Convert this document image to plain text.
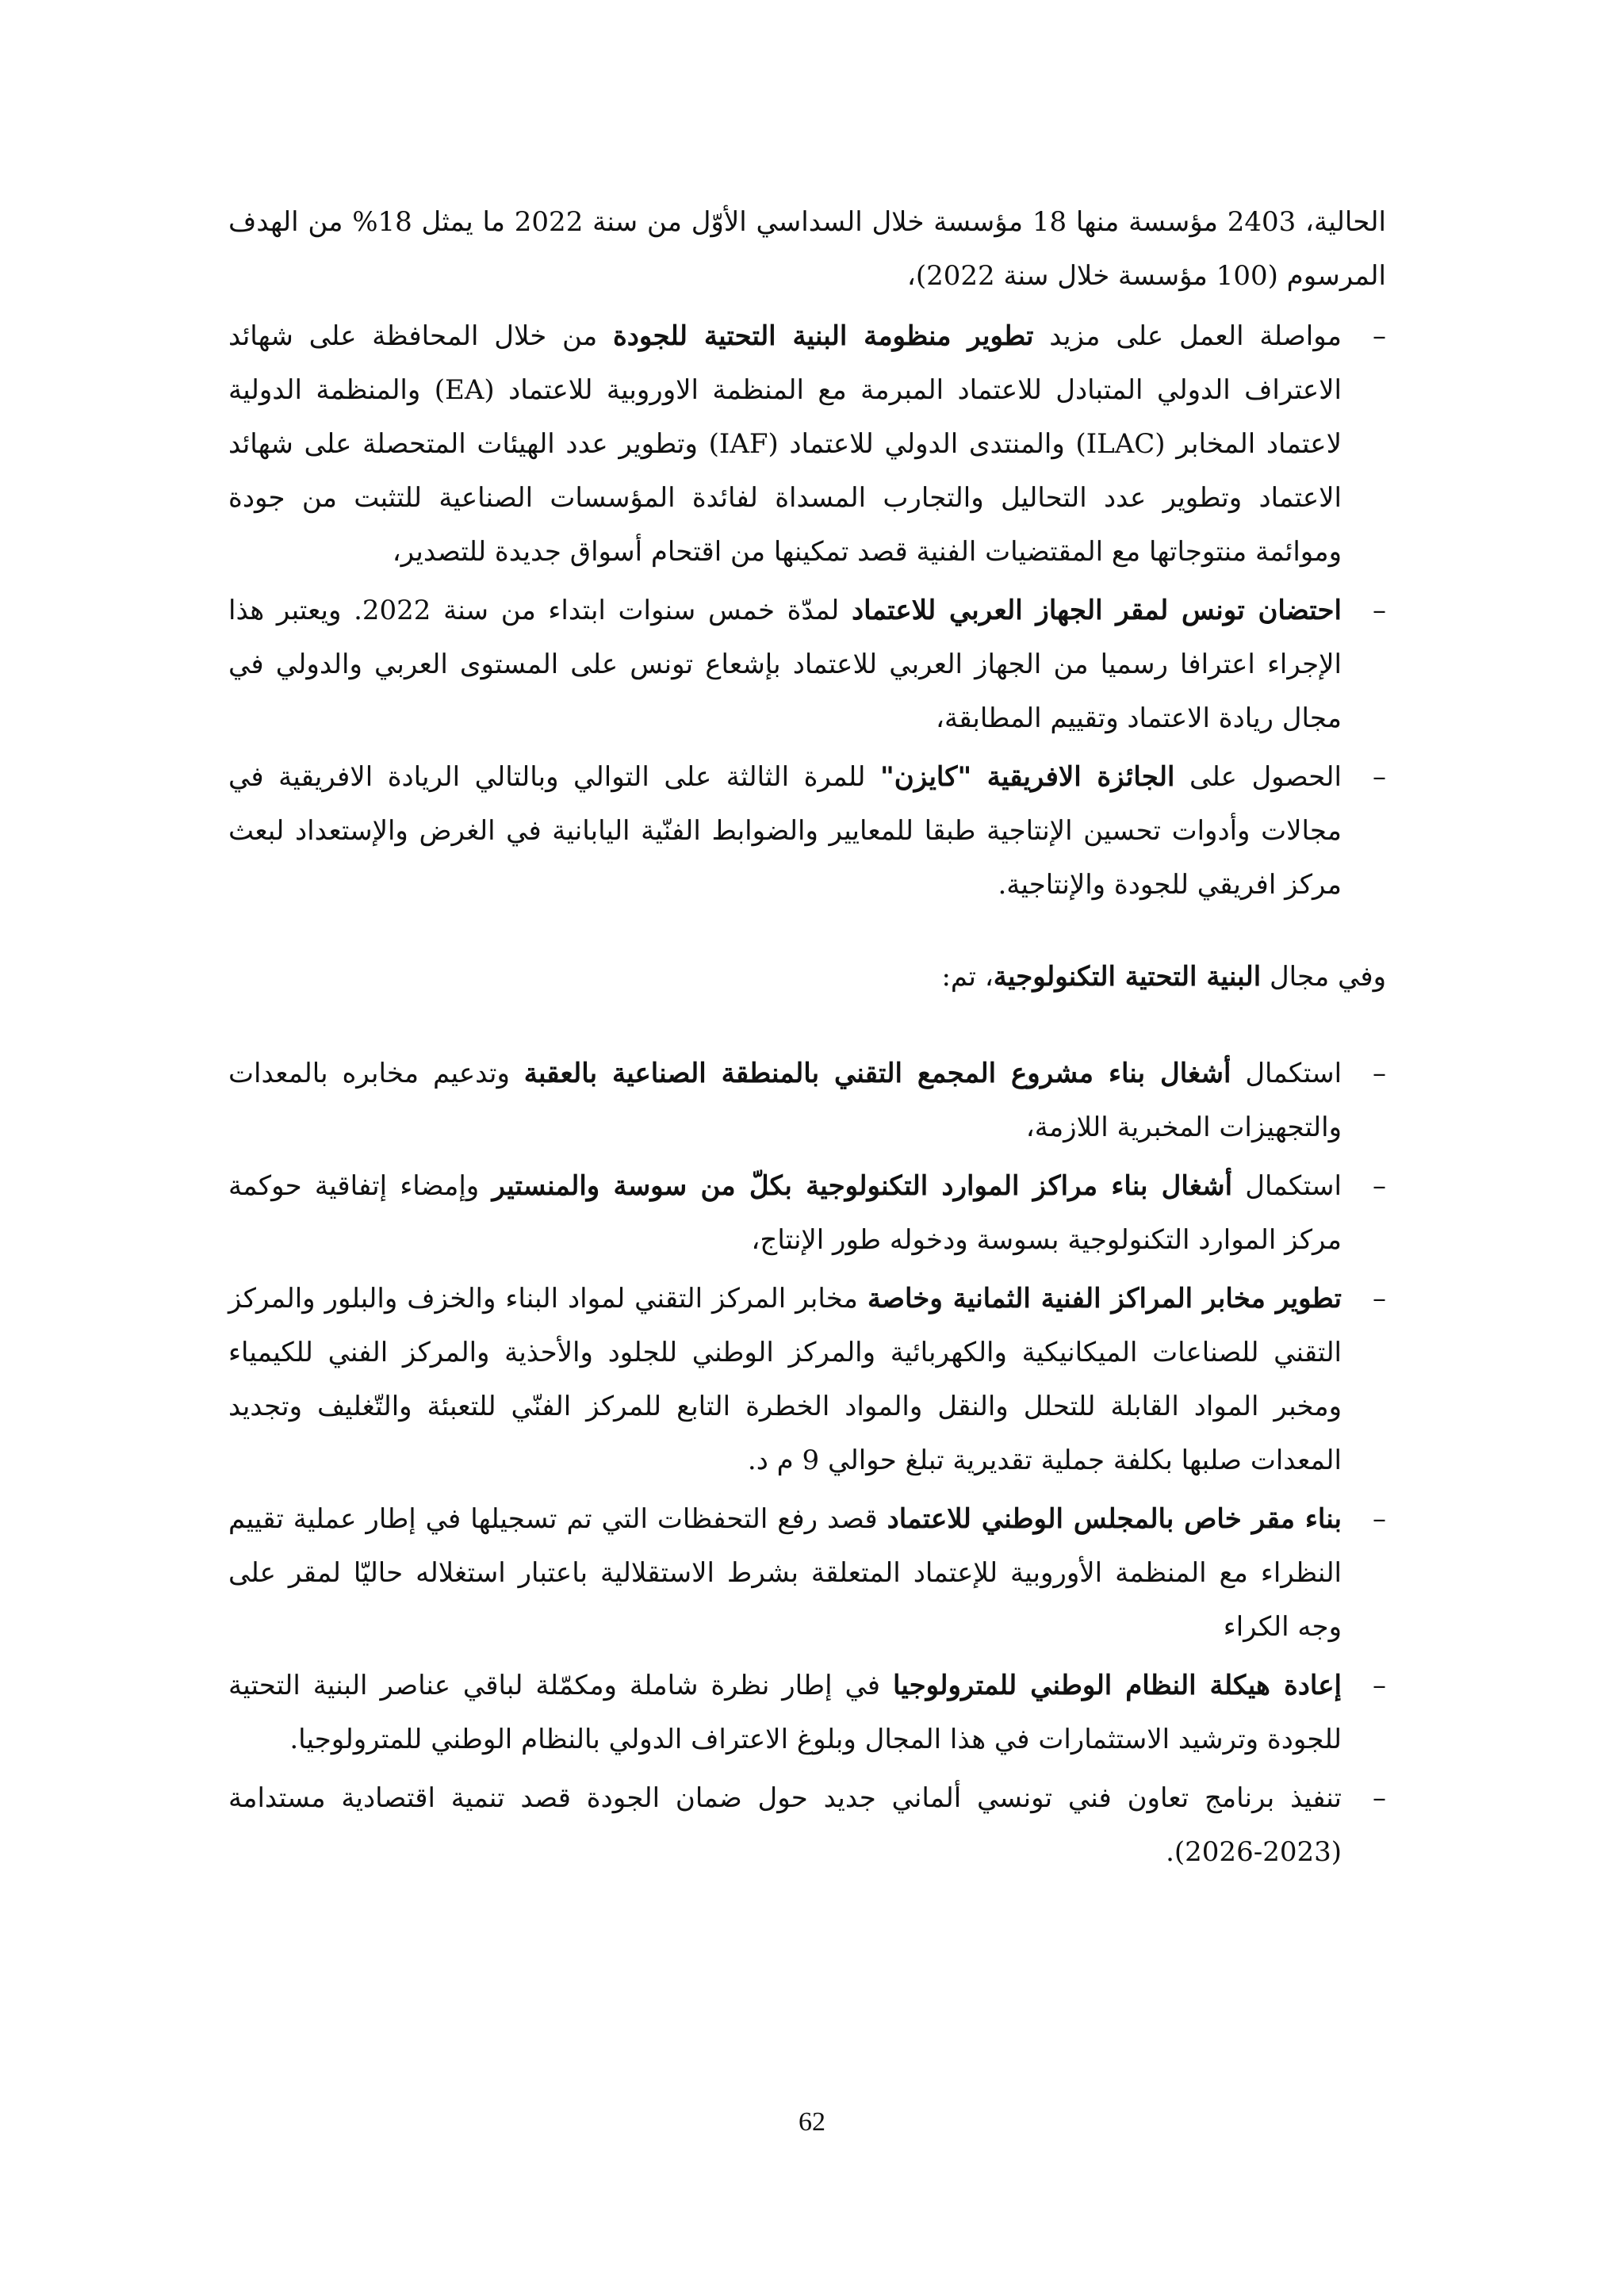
الحالية، 2403 مؤسسة منها 18 مؤسسة خلال السداسي الأوّل من سنة 2022 ما يمثل 18% من الهدف المرسوم (100 مؤسسة خلال سنة 2022)،

–
مواصلة العمل على مزيد تطوير منظومة البنية التحتية للجودة من خلال المحافظة على شهائد الاعتراف الدولي المتبادل للاعتماد المبرمة مع المنظمة الاوروبية للاعتماد (EA) والمنظمة الدولية لاعتماد المخابر (ILAC) والمنتدى الدولي للاعتماد (IAF) وتطوير عدد الهيئات المتحصلة على شهائد الاعتماد وتطوير عدد التحاليل والتجارب المسداة لفائدة المؤسسات الصناعية للتثبت من جودة وموائمة منتوجاتها مع المقتضيات الفنية قصد تمكينها من اقتحام أسواق جديدة للتصدير،
–
احتضان تونس لمقر الجهاز العربي للاعتماد لمدّة خمس سنوات ابتداء من سنة 2022. ويعتبر هذا الإجراء اعترافا رسميا من الجهاز العربي للاعتماد بإشعاع تونس على المستوى العربي والدولي في مجال ريادة الاعتماد وتقييم المطابقة،
–
الحصول على الجائزة الافريقية "كايزن" للمرة الثالثة على التوالي وبالتالي الريادة الافريقية في مجالات وأدوات تحسين الإنتاجية طبقا للمعايير والضوابط الفنّية اليابانية في الغرض والإستعداد لبعث مركز افريقي للجودة والإنتاجية.

وفي مجال البنية التحتية التكنولوجية، تم:

–
استكمال أشغال بناء مشروع المجمع التقني بالمنطقة الصناعية بالعقبة وتدعيم مخابره بالمعدات والتجهيزات المخبرية اللازمة،
–
استكمال أشغال بناء مراكز الموارد التكنولوجية بكلّ من سوسة والمنستير وإمضاء إتفاقية حوكمة مركز الموارد التكنولوجية بسوسة ودخوله طور الإنتاج،
–
تطوير مخابر المراكز الفنية الثمانية وخاصة مخابر المركز التقني لمواد البناء والخزف والبلور والمركز التقني للصناعات الميكانيكية والكهربائية والمركز الوطني للجلود والأحذية والمركز الفني للكيمياء ومخبر المواد القابلة للتحلل والنقل والمواد الخطرة التابع للمركز الفنّي للتعبئة والتّغليف وتجديد المعدات صلبها بكلفة جملية تقديرية تبلغ حوالي 9 م د.
–
بناء مقر خاص بالمجلس الوطني للاعتماد قصد رفع التحفظات التي تم تسجيلها في إطار عملية تقييم النظراء مع المنظمة الأوروبية للإعتماد المتعلقة بشرط الاستقلالية باعتبار استغلاله حاليّا لمقر على وجه الكراء
–
إعادة هيكلة النظام الوطني للمترولوجيا في إطار نظرة شاملة ومكمّلة لباقي عناصر البنية التحتية للجودة وترشيد الاستثمارات في هذا المجال وبلوغ الاعتراف الدولي بالنظام الوطني للمترولوجيا.
–
تنفيذ برنامج تعاون فني تونسي ألماني جديد حول ضمان الجودة قصد تنمية اقتصادية مستدامة (2023-2026).
62
